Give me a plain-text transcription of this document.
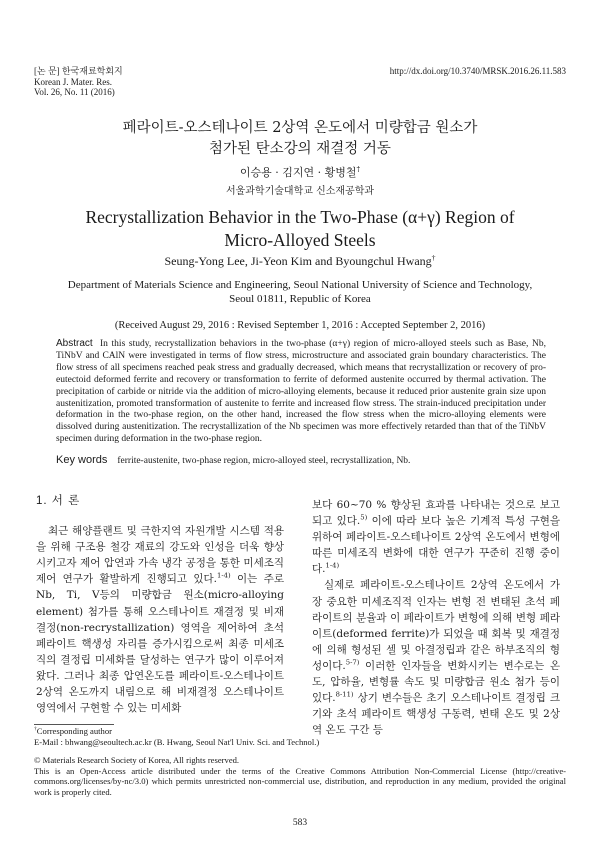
[논 문] 한국재료학회지
Korean J. Mater. Res.
Vol. 26, No. 11 (2016)
http://dx.doi.org/10.3740/MRSK.2016.26.11.583
페라이트-오스테나이트 2상역 온도에서 미량합금 원소가
첨가된 탄소강의 재결정 거동
이승용 · 김지연 · 황병철†
서울과학기술대학교 신소재공학과
Recrystallization Behavior in the Two-Phase (α+γ) Region of
Micro-Alloyed Steels
Seung-Yong Lee, Ji-Yeon Kim and Byoungchul Hwang†
Department of Materials Science and Engineering, Seoul National University of Science and Technology,
Seoul 01811, Republic of Korea
(Received August 29, 2016 : Revised September 1, 2016 : Accepted September 2, 2016)
Abstract In this study, recrystallization behaviors in the two-phase (α+γ) region of micro-alloyed steels such as Base, Nb, TiNbV and CAlN were investigated in terms of flow stress, microstructure and associated grain boundary characteristics. The flow stress of all specimens reached peak stress and gradually decreased, which means that recrystallization or recovery of pro-eutectoid deformed ferrite and recovery or transformation to ferrite of deformed austenite occurred by thermal activation. The precipitation of carbide or nitride via the addition of micro-alloying elements, because it reduced prior austenite grain size upon austenitization, promoted transformation of austenite to ferrite and increased flow stress. The strain-induced precipitation under deformation in the two-phase region, on the other hand, increased the flow stress when the micro-alloying elements were dissolved during austenitization. The recrystallization of the Nb specimen was more effectively retarded than that of the TiNbV specimen during deformation in the two-phase region.
Key words ferrite-austenite, two-phase region, micro-alloyed steel, recrystallization, Nb.
1. 서 론

최근 해양플랜트 및 극한지역 자원개발 시스템 적용을 위해 구조용 철강 재료의 강도와 인성을 더욱 향상시키고자 제어 압연과 가속 냉각 공정을 통한 미세조직 제어 연구가 활발하게 진행되고 있다.$^{1-4)}$ 이는 주로 Nb, Ti, V등의 미량합금 원소(micro-alloying element) 첨가를 통해 오스테나이트 재결정 및 비재결정(non-recrystallization) 영역을 제어하여 초석 페라이트 핵생성 자리를 증가시킴으로써 최종 미세조직의 결정립 미세화를 달성하는 연구가 많이 이루어져 왔다. 그러나 최종 압연온도를 페라이트-오스테나이트 2상역 온도까지 내림으로 해 비재결정 오스테나이트 영역에서 구현할 수 있는 미세화

보다 60~70 % 향상된 효과를 나타내는 것으로 보고되고 있다.$^{5)}$ 이에 따라 보다 높은 기계적 특성 구현을 위하여 페라이트-오스테나이트 2상역 온도에서 변형에 따른 미세조직 변화에 대한 연구가 꾸준히 진행 중이다.$^{1-4)}$

실제로 페라이트-오스테나이트 2상역 온도에서 가장 중요한 미세조직적 인자는 변형 전 변태된 초석 페라이트의 분율과 이 페라이트가 변형에 의해 변형 페라이트(deformed ferrite)가 되었을 때 회복 및 재결정에 의해 형성된 셀 및 아결정립과 같은 하부조직의 형성이다.$^{5-7)}$ 이러한 인자들을 변화시키는 변수로는 온도, 압하율, 변형률 속도 및 미량합금 원소 첨가 등이 있다.$^{8-11)}$ 상기 변수들은 초기 오스테나이트 결정립 크기와 초석 페라이트 핵생성 구동력, 변태 온도 및 2상역 온도 구간 등

†Corresponding author
E-Mail : bhwang@seoultech.ac.kr (B. Hwang, Seoul Nat'l Univ. Sci. and Technol.)
© Materials Research Society of Korea, All rights reserved.
This is an Open-Access article distributed under the terms of the Creative Commons Attribution Non-Commercial License (http://creative-commons.org/licenses/by-nc/3.0) which permits unrestricted non-commercial use, distribution, and reproduction in any medium, provided the original work is properly cited.
583
